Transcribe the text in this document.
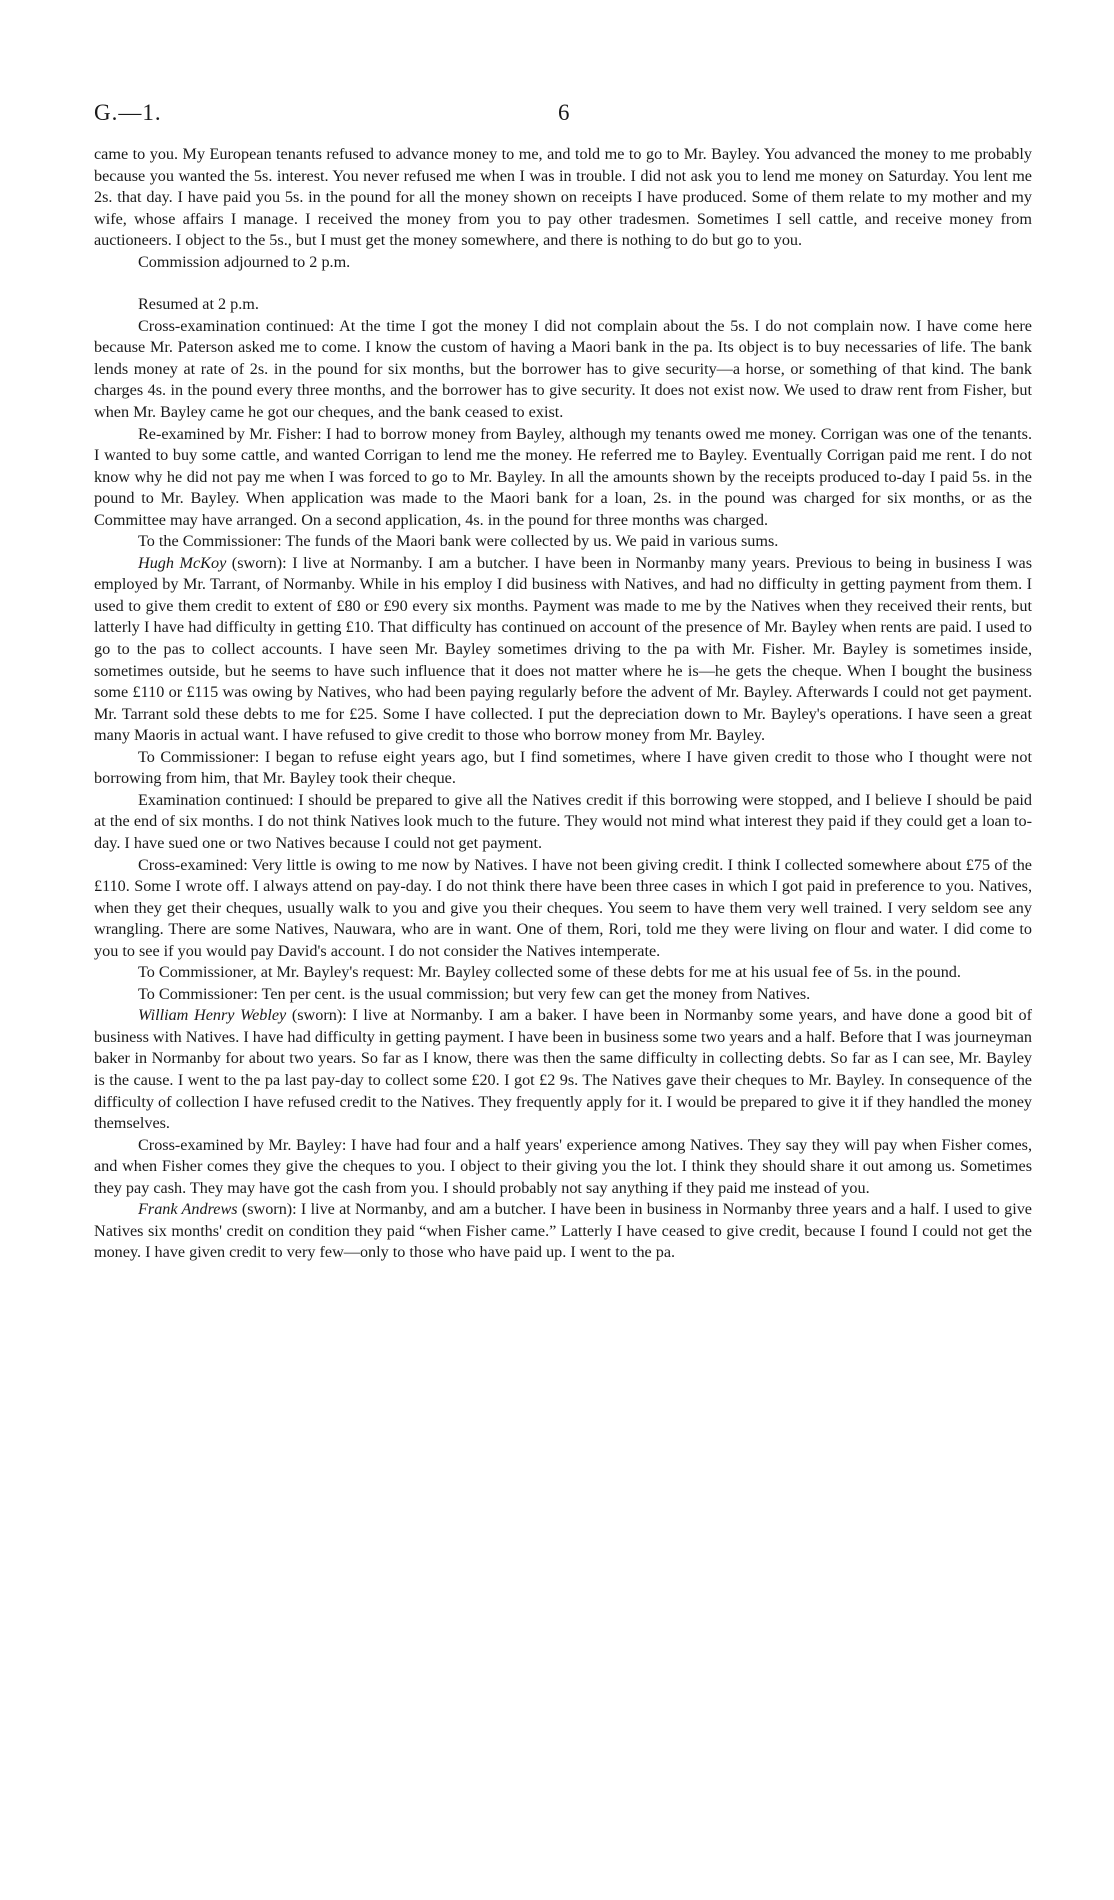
G.—1.	6

came to you. My European tenants refused to advance money to me, and told me to go to Mr. Bayley. You advanced the money to me probably because you wanted the 5s. interest. You never refused me when I was in trouble. I did not ask you to lend me money on Saturday. You lent me 2s. that day. I have paid you 5s. in the pound for all the money shown on receipts I have produced. Some of them relate to my mother and my wife, whose affairs I manage. I received the money from you to pay other tradesmen. Sometimes I sell cattle, and receive money from auctioneers. I object to the 5s., but I must get the money somewhere, and there is nothing to do but go to you.

Commission adjourned to 2 p.m.

Resumed at 2 p.m.

Cross-examination continued: At the time I got the money I did not complain about the 5s. I do not complain now. I have come here because Mr. Paterson asked me to come. I know the custom of having a Maori bank in the pa. Its object is to buy necessaries of life. The bank lends money at rate of 2s. in the pound for six months, but the borrower has to give security—a horse, or something of that kind. The bank charges 4s. in the pound every three months, and the borrower has to give security. It does not exist now. We used to draw rent from Fisher, but when Mr. Bayley came he got our cheques, and the bank ceased to exist.

Re-examined by Mr. Fisher: I had to borrow money from Bayley, although my tenants owed me money. Corrigan was one of the tenants. I wanted to buy some cattle, and wanted Corrigan to lend me the money. He referred me to Bayley. Eventually Corrigan paid me rent. I do not know why he did not pay me when I was forced to go to Mr. Bayley. In all the amounts shown by the receipts produced to-day I paid 5s. in the pound to Mr. Bayley. When application was made to the Maori bank for a loan, 2s. in the pound was charged for six months, or as the Committee may have arranged. On a second application, 4s. in the pound for three months was charged.

To the Commissioner: The funds of the Maori bank were collected by us. We paid in various sums.

Hugh McKoy (sworn): I live at Normanby. I am a butcher. I have been in Normanby many years. Previous to being in business I was employed by Mr. Tarrant, of Normanby. While in his employ I did business with Natives, and had no difficulty in getting payment from them. I used to give them credit to extent of £80 or £90 every six months. Payment was made to me by the Natives when they received their rents, but latterly I have had difficulty in getting £10. That difficulty has continued on account of the presence of Mr. Bayley when rents are paid. I used to go to the pas to collect accounts. I have seen Mr. Bayley sometimes driving to the pa with Mr. Fisher. Mr. Bayley is sometimes inside, sometimes outside, but he seems to have such influence that it does not matter where he is—he gets the cheque. When I bought the business some £110 or £115 was owing by Natives, who had been paying regularly before the advent of Mr. Bayley. Afterwards I could not get payment. Mr. Tarrant sold these debts to me for £25. Some I have collected. I put the depreciation down to Mr. Bayley's operations. I have seen a great many Maoris in actual want. I have refused to give credit to those who borrow money from Mr. Bayley.

To Commissioner: I began to refuse eight years ago, but I find sometimes, where I have given credit to those who I thought were not borrowing from him, that Mr. Bayley took their cheque.

Examination continued: I should be prepared to give all the Natives credit if this borrowing were stopped, and I believe I should be paid at the end of six months. I do not think Natives look much to the future. They would not mind what interest they paid if they could get a loan to-day. I have sued one or two Natives because I could not get payment.

Cross-examined: Very little is owing to me now by Natives. I have not been giving credit. I think I collected somewhere about £75 of the £110. Some I wrote off. I always attend on pay-day. I do not think there have been three cases in which I got paid in preference to you. Natives, when they get their cheques, usually walk to you and give you their cheques. You seem to have them very well trained. I very seldom see any wrangling. There are some Natives, Nauwara, who are in want. One of them, Rori, told me they were living on flour and water. I did come to you to see if you would pay David's account. I do not consider the Natives intemperate.

To Commissioner, at Mr. Bayley's request: Mr. Bayley collected some of these debts for me at his usual fee of 5s. in the pound.

To Commissioner: Ten per cent. is the usual commission; but very few can get the money from Natives.

William Henry Webley (sworn): I live at Normanby. I am a baker. I have been in Normanby some years, and have done a good bit of business with Natives. I have had difficulty in getting payment. I have been in business some two years and a half. Before that I was journeyman baker in Normanby for about two years. So far as I know, there was then the same difficulty in collecting debts. So far as I can see, Mr. Bayley is the cause. I went to the pa last pay-day to collect some £20. I got £2 9s. The Natives gave their cheques to Mr. Bayley. In consequence of the difficulty of collection I have refused credit to the Natives. They frequently apply for it. I would be prepared to give it if they handled the money themselves.

Cross-examined by Mr. Bayley: I have had four and a half years' experience among Natives. They say they will pay when Fisher comes, and when Fisher comes they give the cheques to you. I object to their giving you the lot. I think they should share it out among us. Sometimes they pay cash. They may have got the cash from you. I should probably not say anything if they paid me instead of you.

Frank Andrews (sworn): I live at Normanby, and am a butcher. I have been in business in Normanby three years and a half. I used to give Natives six months' credit on condition they paid “when Fisher came.” Latterly I have ceased to give credit, because I found I could not get the money. I have given credit to very few—only to those who have paid up. I went to the pa.
